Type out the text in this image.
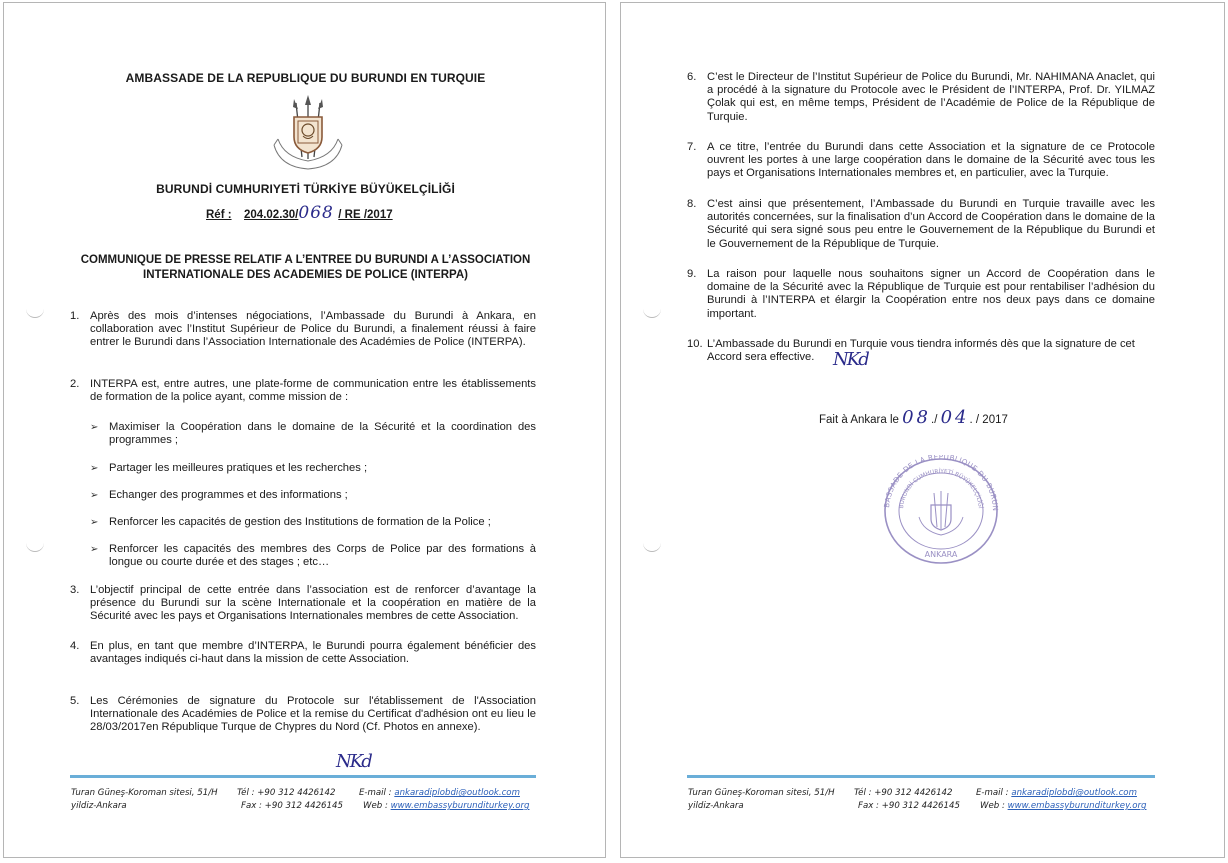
AMBASSADE DE LA REPUBLIQUE DU BURUNDI EN TURQUIE
BURUNDİ CUMHURIYETİ TÜRKİYE BÜYÜKELÇİLİĞİ
Réf : 204.02.30/068 / RE /2017
COMMUNIQUE DE PRESSE RELATIF A L’ENTREE DU BURUNDI A L’ASSOCIATION
INTERNATIONALE DES ACADEMIES DE POLICE (INTERPA)
1. Après des mois d’intenses négociations, l’Ambassade du Burundi à Ankara, en collaboration avec l’Institut Supérieur de Police du Burundi, a finalement réussi à faire entrer le Burundi dans l’Association Internationale des Académies de Police (INTERPA).
2. INTERPA est, entre autres, une plate-forme de communication entre les établissements de formation de la police ayant, comme mission de :
➢ Maximiser la Coopération dans le domaine de la Sécurité et la coordination des programmes ;
➢ Partager les meilleures pratiques et les recherches ;
➢ Echanger des programmes et des informations ;
➢ Renforcer les capacités de gestion des Institutions de formation de la Police ;
➢ Renforcer les capacités des membres des Corps de Police par des formations à longue ou courte durée et des stages ; etc…
3. L’objectif principal de cette entrée dans l’association est de renforcer d’avantage la présence du Burundi sur la scène Internationale et la coopération en matière de la Sécurité avec les pays et Organisations Internationales membres de cette Association.
4. En plus, en tant que membre d’INTERPA, le Burundi pourra également bénéficier des avantages indiqués ci-haut dans la mission de cette Association.
5. Les Cérémonies de signature du Protocole sur l'établissement de l'Association Internationale des Académies de Police et la remise du Certificat d'adhésion ont eu lieu le 28/03/2017en République Turque de Chypres du Nord (Cf. Photos en annexe).
NKd
Turan Güneş-Koroman sitesi, 51/H
yildiz-Ankara
Tél : +90 312 4426142
Fax : +90 312 4426145
E-mail : ankaradiplobdi@outlook.com
Web : www.embassyburunditurkey.org
6. C’est le Directeur de l’Institut Supérieur de Police du Burundi, Mr. NAHIMANA Anaclet, qui a procédé à la signature du Protocole avec le Président de l’INTERPA, Prof. Dr. YILMAZ Çolak qui est, en même temps, Président de l’Académie de Police de la République de Turquie.
7. A ce titre, l’entrée du Burundi dans cette Association et la signature de ce Protocole ouvrent les portes à une large coopération dans le domaine de la Sécurité avec tous les pays et Organisations Internationales membres et, en particulier, avec la Turquie.
8. C’est ainsi que présentement, l’Ambassade du Burundi en Turquie travaille avec les autorités concernées, sur la finalisation d’un Accord de Coopération dans le domaine de la Sécurité qui sera signé sous peu entre le Gouvernement de la République du Burundi et le Gouvernement de la République de Turquie.
9. La raison pour laquelle nous souhaitons signer un Accord de Coopération dans le domaine de la Sécurité avec la République de Turquie est pour rentabiliser l’adhésion du Burundi à l’INTERPA et élargir la Coopération entre nos deux pays dans ce domaine important.
10. L’Ambassade du Burundi en Turquie vous tiendra informés dès que la signature de cet
Accord sera effective.	NKd
Fait à Ankara le 08./ 04. / 2017
BASSADE DE LA REPUBLIQUE DU BURUN
BURUNDİ CUMHURİYETİ BÜYÜKELÇİLİĞİ
ANKARA
Turan Güneş-Koroman sitesi, 51/H
yildiz-Ankara
Tél : +90 312 4426142
Fax : +90 312 4426145
E-mail : ankaradiplobdi@outlook.com
Web : www.embassyburunditurkey.org
